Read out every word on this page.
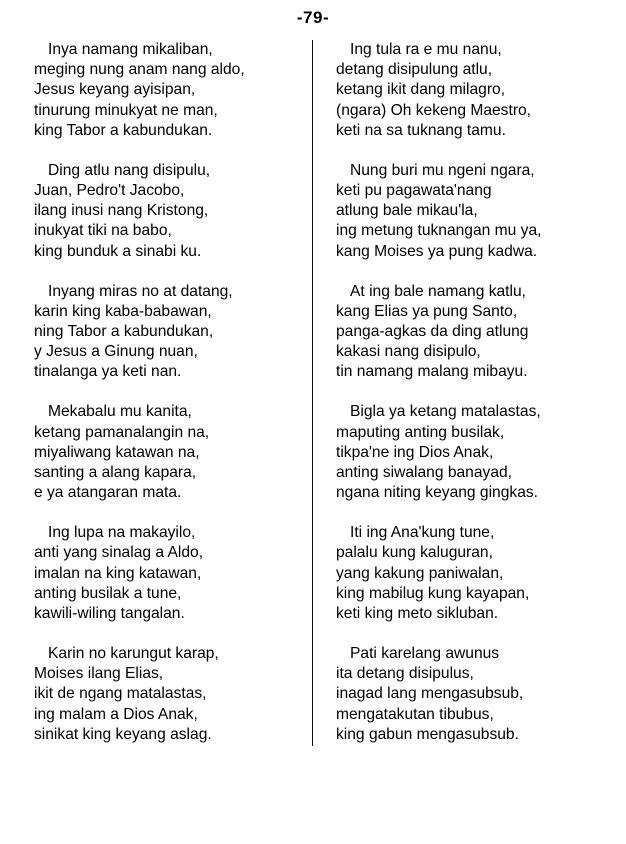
-79-
Inya namang mikaliban,
meging nung anam nang aldo,
Jesus keyang ayisipan,
tinurung minukyat ne man,
king Tabor a kabundukan.
Ding atlu nang disipulu,
Juan, Pedro't Jacobo,
ilang inusi nang Kristong,
inukyat tiki na babo,
king bunduk a sinabi ku.
Inyang miras no at datang,
karin king kaba-babawan,
ning Tabor a kabundukan,
y Jesus a Ginung nuan,
tinalanga ya keti nan.
Mekabalu mu kanita,
ketang pamanalangin na,
miyaliwang katawan na,
santing a alang kapara,
e ya atangaran mata.
Ing lupa na makayilo,
anti yang sinalag a Aldo,
imalan na king katawan,
anting busilak a tune,
kawili-wiling tangalan.
Karin no karungut karap,
Moises ilang Elias,
ikit de ngang matalastas,
ing malam a Dios Anak,
sinikat king keyang aslag.
Ing tula ra e mu nanu,
detang disipulung atlu,
ketang ikit dang milagro,
(ngara) Oh kekeng Maestro,
keti na sa tuknang tamu.
Nung buri mu ngeni ngara,
keti pu pagawata'nang
atlung bale mikau'la,
ing metung tuknangan mu ya,
kang Moises ya pung kadwa.
At ing bale namang katlu,
kang Elias ya pung Santo,
panga-agkas da ding atlung
kakasi nang disipulo,
tin namang malang mibayu.
Bigla ya ketang matalastas,
maputing anting busilak,
tikpa'ne ing Dios Anak,
anting siwalang banayad,
ngana niting keyang gingkas.
Iti ing Ana'kung tune,
palalu kung kaluguran,
yang kakung paniwalan,
king mabilug kung kayapan,
keti king meto sikluban.
Pati karelang awunus
ita detang disipulus,
inagad lang mengasubsub,
mengatakutan tibubus,
king gabun mengasubsub.
